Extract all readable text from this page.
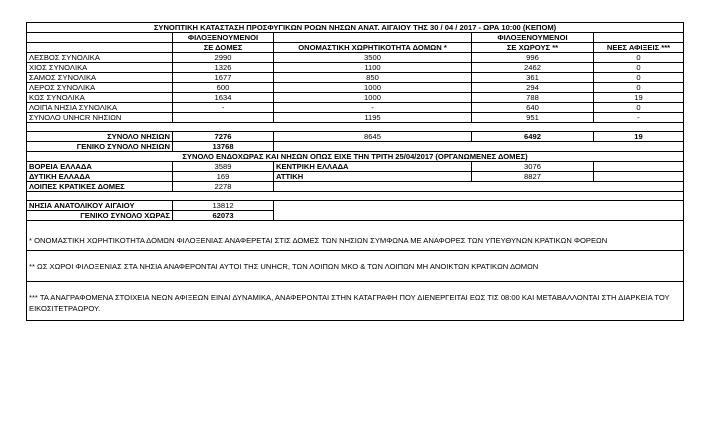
ΣΥΝΟΠΤΙΚΗ ΚΑΤΑΣΤΑΣΗ ΠΡΟΣΦΥΓΙΚΩΝ ΡΟΩΝ ΝΗΣΩΝ ΑΝΑΤ. ΑΙΓΑΙΟΥ ΤΗΣ 30 / 04 / 2017 - ΩΡΑ 10:00 (ΚΕΠΟΜ)				
	ΦΙΛΟΞΕΝΟΥΜΕΝΟΙ		ΦΙΛΟΞΕΝΟΥΜΕΝΟΙ	
	ΣΕ ΔΟΜΕΣ	ΟΝΟΜΑΣΤΙΚΗ ΧΩΡΗΤΙΚΟΤΗΤΑ ΔΟΜΩΝ *	ΣΕ ΧΩΡΟΥΣ **	ΝΕΕΣ ΑΦΙΞΕΙΣ ***
ΛΕΣΒΟΣ ΣΥΝΟΛΙΚΑ	2990	3500	996	0
ΧΙΟΣ ΣΥΝΟΛΙΚΑ	1326	1100	2462	0
ΣΑΜΟΣ ΣΥΝΟΛΙΚΑ	1677	850	361	0
ΛΕΡΟΣ ΣΥΝΟΛΙΚΑ	600	1000	294	0
ΚΩΣ ΣΥΝΟΛΙΚΑ	1634	1000	788	19
ΛΟΙΠΑ ΝΗΣΙΑ ΣΥΝΟΛΙΚΑ	-	-	640	0
ΣΥΝΟΛΟ UNHCR ΝΗΣΙΩΝ		1195	951	-

ΣΥΝΟΛΟ ΝΗΣΙΩΝ	7276	8645	6492	19
ΓΕΝΙΚΟ ΣΥΝΟΛΟ ΝΗΣΙΩΝ	13768			
ΣΥΝΟΛΟ ΕΝΔΟΧΩΡΑΣ ΚΑΙ ΝΗΣΩΝ ΟΠΩΣ ΕΙΧΕ ΤΗΝ ΤΡΙΤΗ 25/04/2017 (ΟΡΓΑΝΩΜΕΝΕΣ ΔΟΜΕΣ)				
ΒΟΡΕΙΑ ΕΛΛΑΔΑ	3589	ΚΕΝΤΡΙΚΗ ΕΛΛΑΔΑ	3076	
ΔΥΤΙΚΗ ΕΛΛΑΔΑ	169	ΑΤΤΙΚΗ	8827	
ΛΟΙΠΕΣ ΚΡΑΤΙΚΕΣ ΔΟΜΕΣ	2278			

ΝΗΣΙΑ ΑΝΑΤΟΛΙΚΟΥ ΑΙΓΑΙΟΥ	13812			
ΓΕΝΙΚΟ ΣΥΝΟΛΟ ΧΩΡΑΣ	62073			

* ΟΝΟΜΑΣΤΙΚΗ ΧΩΡΗΤΙΚΟΤΗΤΑ ΔΟΜΩΝ ΦΙΛΟΞΕΝΙΑΣ ΑΝΑΦΕΡΕΤΑΙ ΣΤΙΣ ΔΟΜΕΣ ΤΩΝ ΝΗΣΙΩΝ ΣΥΜΦΩΝΑ ΜΕ ΑΝΑΦΟΡΕΣ ΤΩΝ ΥΠΕΥΘΥΝΩΝ ΚΡΑΤΙΚΩΝ ΦΟΡΕΩΝ				

** ΩΣ ΧΩΡΟΙ ΦΙΛΟΞΕΝΙΑΣ ΣΤΑ ΝΗΣΙΑ ΑΝΑΦΕΡΟΝΤΑΙ ΑΥΤΟΙ ΤΗΣ UNHCR, ΤΩΝ ΛΟΙΠΩΝ ΜΚΟ & ΤΩΝ ΛΟΙΠΩΝ ΜΗ ΑΝΟΙΚΤΩΝ ΚΡΑΤΙΚΩΝ ΔΟΜΩΝ				

*** ΤΑ ΑΝΑΓΡΑΦΟΜΕΝΑ ΣΤΟΙΧΕΙΑ ΝΕΩΝ ΑΦΙΞΕΩΝ ΕΙΝΑΙ ΔΥΝΑΜΙΚΑ, ΑΝΑΦΕΡΟΝΤΑΙ ΣΤΗΝ ΚΑΤΑΓΡΑΦΗ ΠΟΥ ΔΙΕΝΕΡΓΕΙΤΑΙ ΕΩΣ ΤΙΣ 08:00 ΚΑΙ ΜΕΤΑΒΑΛΛΟΝΤΑΙ ΣΤΗ ΔΙΑΡΚΕΙΑ ΤΟΥ ΕΙΚΟΣΙΤΕΤΡΑΩΡΟΥ.				
